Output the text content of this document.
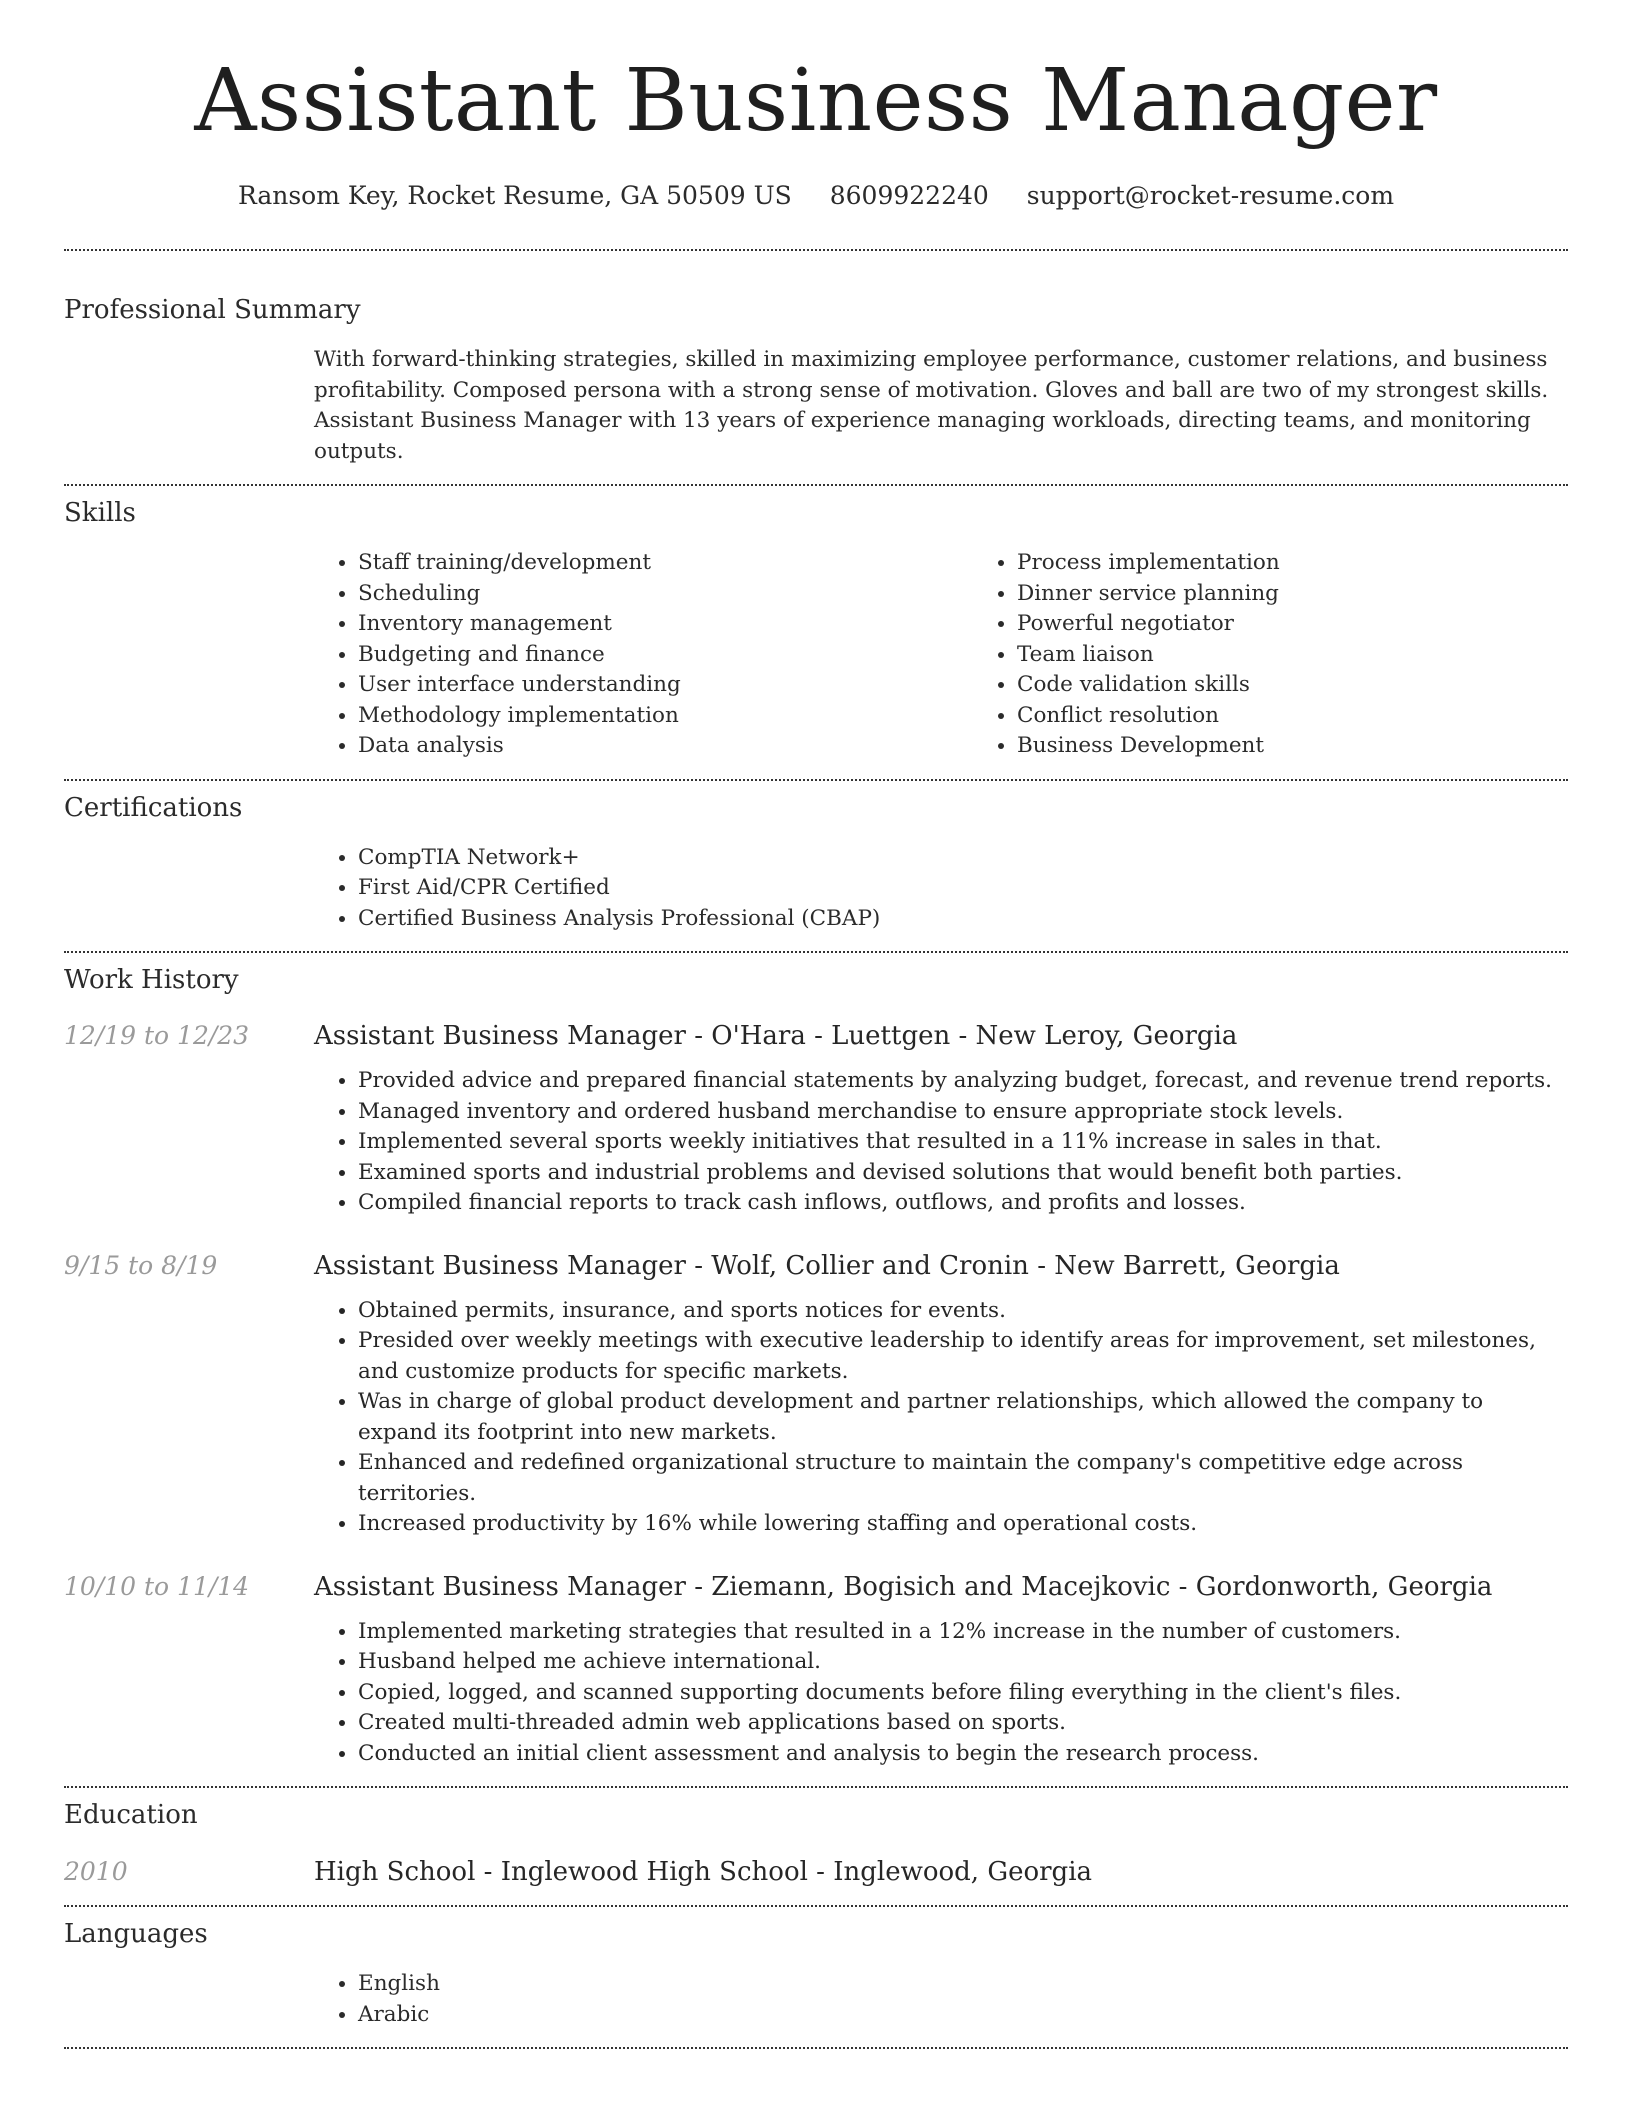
Assistant Business Manager
Ransom Key, Rocket Resume, GA 50509 US 8609922240 support@rocket-resume.com
Professional Summary

With forward-thinking strategies, skilled in maximizing employee performance, customer relations, and business profitability. Composed persona with a strong sense of motivation. Gloves and ball are two of my strongest skills. Assistant Business Manager with 13 years of experience managing workloads, directing teams, and monitoring outputs.

Skills
• Staff training/development
• Scheduling
• Inventory management
• Budgeting and finance
• User interface understanding
• Methodology implementation
• Data analysis
• Process implementation
• Dinner service planning
• Powerful negotiator
• Team liaison
• Code validation skills
• Conflict resolution
• Business Development
Certifications
• CompTIA Network+
• First Aid/CPR Certified
• Certified Business Analysis Professional (CBAP)
Work History
12/19 to 12/23	Assistant Business Manager - O'Hara - Luettgen - New Leroy, Georgia
• Provided advice and prepared financial statements by analyzing budget, forecast, and revenue trend reports.
• Managed inventory and ordered husband merchandise to ensure appropriate stock levels.
• Implemented several sports weekly initiatives that resulted in a 11% increase in sales in that.
• Examined sports and industrial problems and devised solutions that would benefit both parties.
• Compiled financial reports to track cash inflows, outflows, and profits and losses.
9/15 to 8/19	Assistant Business Manager - Wolf, Collier and Cronin - New Barrett, Georgia
• Obtained permits, insurance, and sports notices for events.
• Presided over weekly meetings with executive leadership to identify areas for improvement, set milestones, and customize products for specific markets.
• Was in charge of global product development and partner relationships, which allowed the company to expand its footprint into new markets.
• Enhanced and redefined organizational structure to maintain the company's competitive edge across territories.
• Increased productivity by 16% while lowering staffing and operational costs.
10/10 to 11/14	Assistant Business Manager - Ziemann, Bogisich and Macejkovic - Gordonworth, Georgia
• Implemented marketing strategies that resulted in a 12% increase in the number of customers.
• Husband helped me achieve international.
• Copied, logged, and scanned supporting documents before filing everything in the client's files.
• Created multi-threaded admin web applications based on sports.
• Conducted an initial client assessment and analysis to begin the research process.
Education
2010	High School - Inglewood High School - Inglewood, Georgia
Languages
• English
• Arabic
